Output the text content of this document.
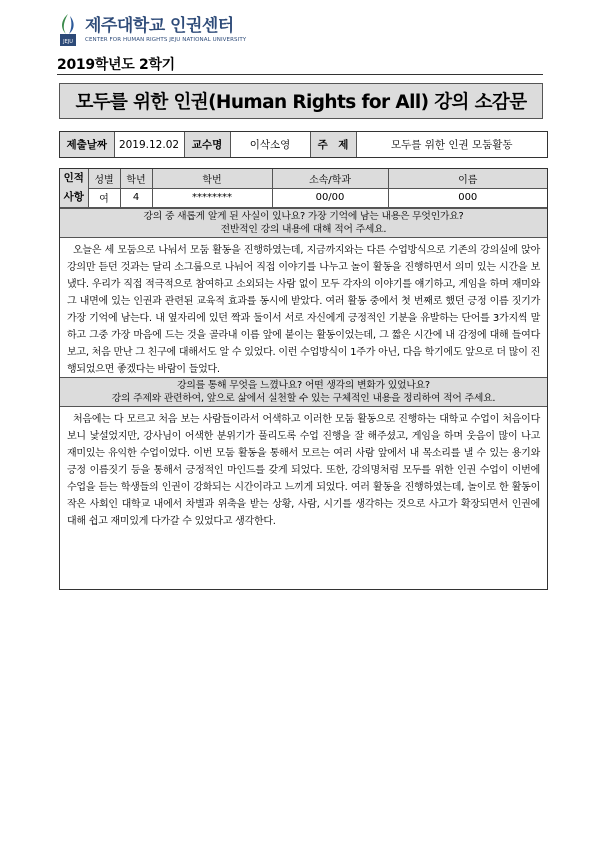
JEJU
제주대학교 인권센터
CENTER FOR HUMAN RIGHTS JEJU NATIONAL UNIVERSITY
2019학년도 2학기
모두를 위한 인권(Human Rights for All) 강의 소감문
제출날짜	2019.12.02	교수명	이삭소영	주　제	모두를 위한 인권 모둠활동
인적
사항	성별	학년	학번	소속/학과	이름
	여	4	********	00/00	000
강의 중 새롭게 알게 된 사실이 있나요? 가장 기억에 남는 내용은 무엇인가요?
전반적인 강의 내용에 대해 적어 주세요.
오늘은 세 모둠으로 나눠서 모둠 활동을 진행하였는데, 지금까지와는 다른 수업방식으로 기존의 강의실에 앉아 강의만 듣던 것과는 달리 소그룹으로 나눠어 직접 이야기를 나누고 놀이 활동을 진행하면서 의미 있는 시간을 보냈다. 우리가 직접 적극적으로 참여하고 소외되는 사람 없이 모두 각자의 이야기를 얘기하고, 게임을 하며 재미와 그 내면에 있는 인권과 관련된 교육적 효과를 동시에 받았다. 여러 활동 중에서 첫 번째로 했던 긍정 이름 짓기가 가장 기억에 남는다. 내 옆자리에 있던 짝과 둘이서 서로 자신에게 긍정적인 기분을 유발하는 단어를 3가지씩 말하고 그중 가장 마음에 드는 것을 골라내 이름 앞에 붙이는 활동이었는데, 그 짧은 시간에 내 감정에 대해 들여다보고, 처음 만난 그 친구에 대해서도 알 수 있었다. 이런 수업방식이 1주가 아닌, 다음 학기에도 앞으로 더 많이 진행되었으면 좋겠다는 바람이 들었다.
강의를 통해 무엇을 느꼈나요? 어떤 생각의 변화가 있었나요?
강의 주제와 관련하여, 앞으로 삶에서 실천할 수 있는 구체적인 내용을 정리하여 적어 주세요.
처음에는 다 모르고 처음 보는 사람들이라서 어색하고 이러한 모둠 활동으로 진행하는 대학교 수업이 처음이다 보니 낯설었지만, 강사님이 어색한 분위기가 풀리도록 수업 진행을 잘 해주셨고, 게임을 하며 웃음이 많이 나고 재미있는 유익한 수업이었다. 이번 모둠 활동을 통해서 모르는 여러 사람 앞에서 내 목소리를 낼 수 있는 용기와 긍정 이름짓기 등을 통해서 긍정적인 마인드를 갖게 되었다. 또한, 강의명처럼 모두를 위한 인권 수업이 이번에 수업을 듣는 학생들의 인권이 강화되는 시간이라고 느끼게 되었다. 여러 활동을 진행하였는데, 놀이로 한 활동이 작은 사회인 대학교 내에서 차별과 위축을 받는 상황, 사람, 시기를 생각하는 것으로 사고가 확장되면서 인권에 대해 쉽고 재미있게 다가갈 수 있었다고 생각한다.
